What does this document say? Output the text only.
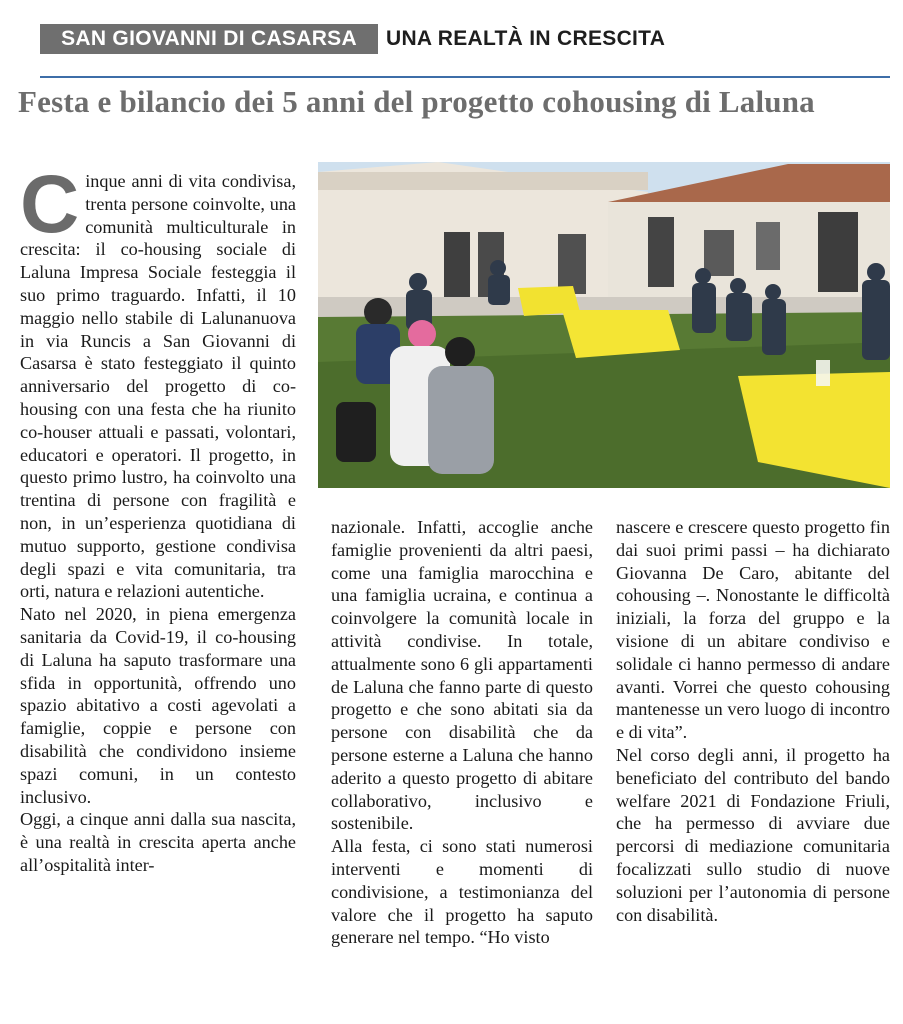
SAN GIOVANNI DI CASARSA	UNA REALTÀ IN CRESCITA
Festa e bilancio dei 5 anni del progetto cohousing di Laluna

Cinque anni di vita condivisa, trenta persone coinvolte, una comunità multiculturale in crescita: il co-housing sociale di Laluna Impresa Sociale festeggia il suo primo traguardo. Infatti, il 10 maggio nello stabile di Lalunanuova in via Runcis a San Giovanni di Casarsa è stato festeggiato il quinto anniversario del progetto di co-housing con una festa che ha riunito co-houser attuali e passati, volontari, educatori e operatori. Il progetto, in questo primo lustro, ha coinvolto una trentina di persone con fragilità e non, in un’esperienza quotidiana di mutuo supporto, gestione condivisa degli spazi e vita comunitaria, tra orti, natura e relazioni autentiche.

Nato nel 2020, in piena emergenza sanitaria da Covid-19, il co-housing di Laluna ha saputo trasformare una sfida in opportunità, offrendo uno spazio abitativo a costi agevolati a famiglie, coppie e persone con disabilità che condividono insieme spazi comuni, in un contesto inclusivo.

Oggi, a cinque anni dalla sua nascita, è una realtà in crescita aperta anche all’ospitalità inter-

nazionale. Infatti, accoglie anche famiglie provenienti da altri paesi, come una famiglia marocchina e una famiglia ucraina, e continua a coinvolgere la comunità locale in attività condivise. In totale, attualmente sono 6 gli appartamenti de Laluna che fanno parte di questo progetto e che sono abitati sia da persone con disabilità che da persone esterne a Laluna che hanno aderito a questo progetto di abitare collaborativo, inclusivo e sostenibile.

Alla festa, ci sono stati numerosi interventi e momenti di condivisione, a testimonianza del valore che il progetto ha saputo generare nel tempo. “Ho visto

nascere e crescere questo progetto fin dai suoi primi passi – ha dichiarato Giovanna De Caro, abitante del cohousing –. Nonostante le difficoltà iniziali, la forza del gruppo e la visione di un abitare condiviso e solidale ci hanno permesso di andare avanti. Vorrei che questo cohousing mantenesse un vero luogo di incontro e di vita”.

Nel corso degli anni, il progetto ha beneficiato del contributo del bando welfare 2021 di Fondazione Friuli, che ha permesso di avviare due percorsi di mediazione comunitaria focalizzati sullo studio di nuove soluzioni per l’autonomia di persone con disabilità.
